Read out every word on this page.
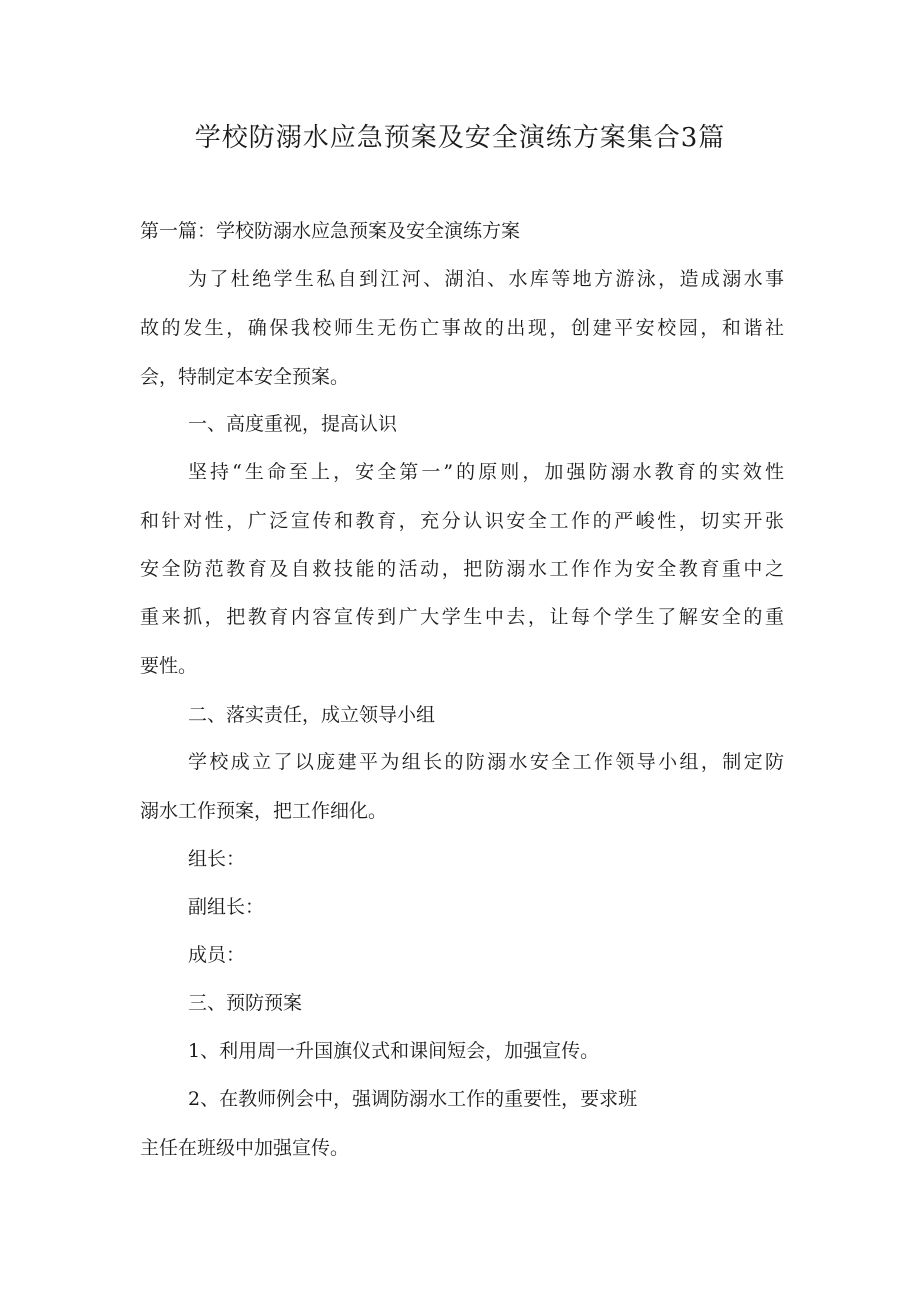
学校防溺水应急预案及安全演练方案集合3篇
第一篇：学校防溺水应急预案及安全演练方案
为了杜绝学生私自到江河、湖泊、水库等地方游泳，造成溺水事
故的发生，确保我校师生无伤亡事故的出现，创建平安校园，和谐社
会，特制定本安全预案。
一、高度重视，提高认识
坚持“生命至上，安全第一”的原则，加强防溺水教育的实效性
和针对性，广泛宣传和教育，充分认识安全工作的严峻性，切实开张
安全防范教育及自救技能的活动，把防溺水工作作为安全教育重中之
重来抓，把教育内容宣传到广大学生中去，让每个学生了解安全的重
要性。
二、落实责任，成立领导小组
学校成立了以庞建平为组长的防溺水安全工作领导小组，制定防
溺水工作预案，把工作细化。
组长：
副组长：
成员：
三、预防预案
1、利用周一升国旗仪式和课间短会，加强宣传。
2、在教师例会中，强调防溺水工作的重要性，要求班
主任在班级中加强宣传。
